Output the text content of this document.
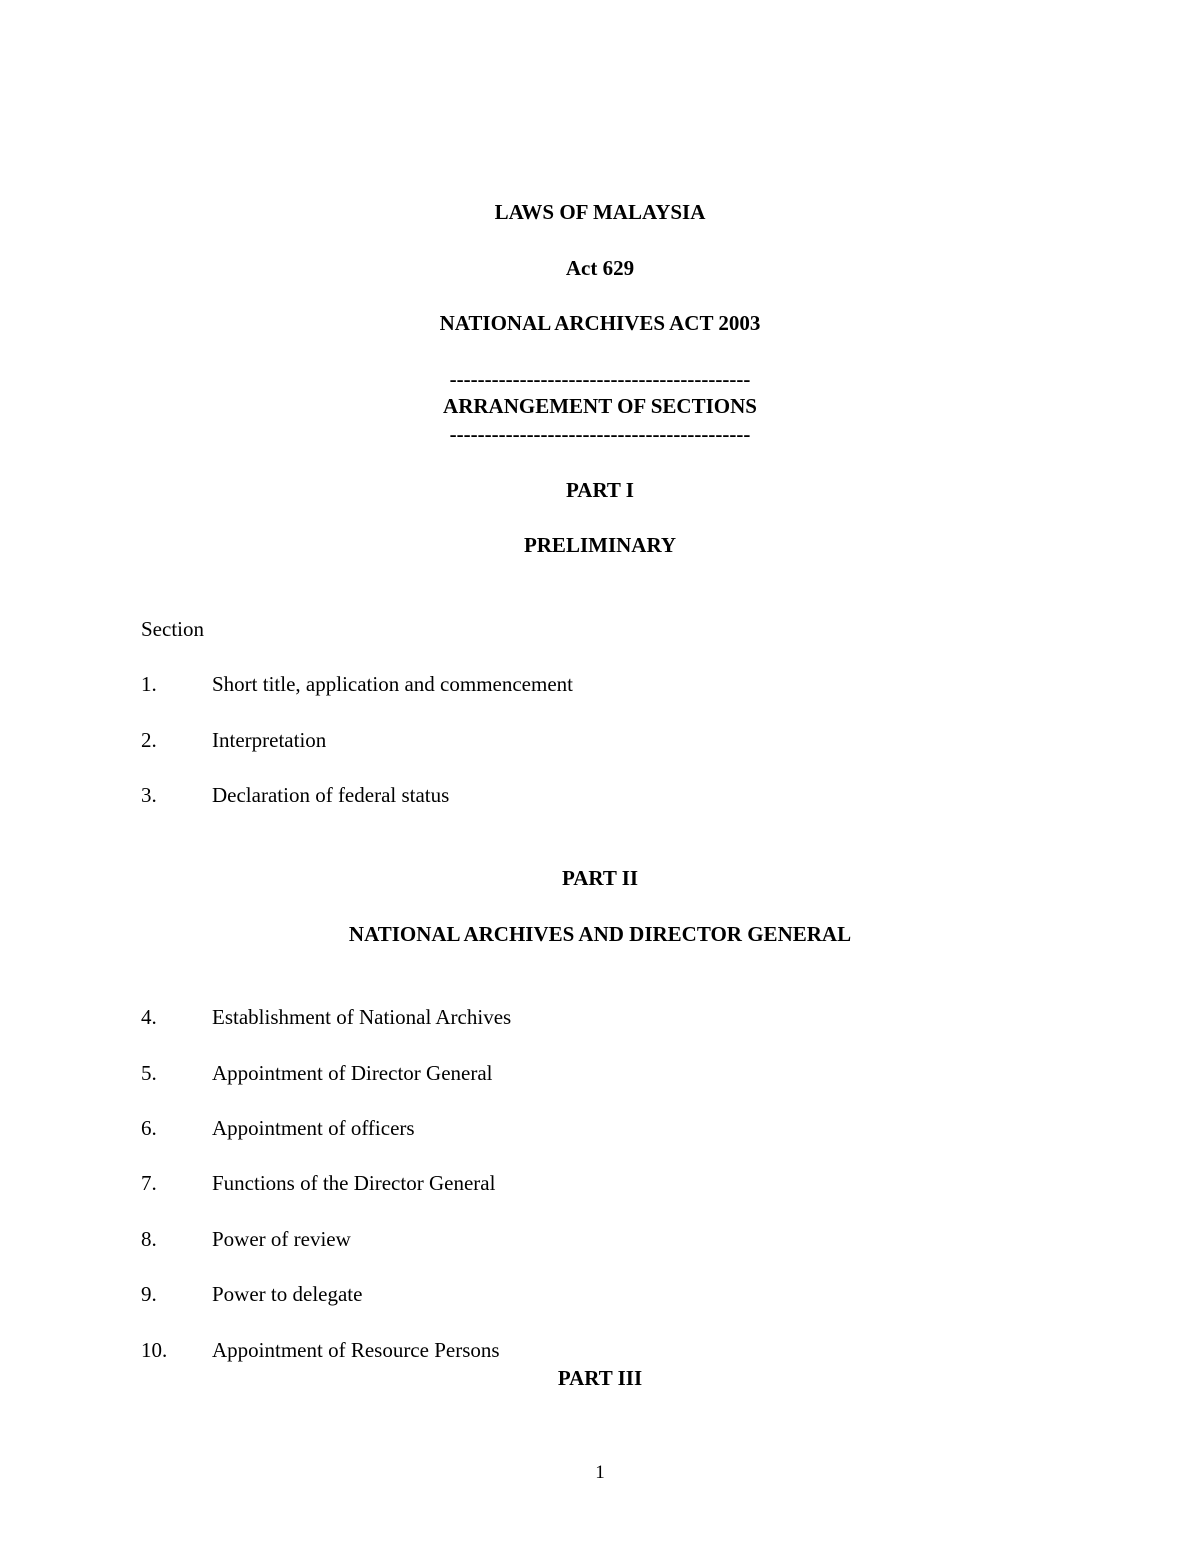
LAWS OF MALAYSIA
Act 629
NATIONAL ARCHIVES ACT 2003
-------------------------------------------
ARRANGEMENT OF SECTIONS
-------------------------------------------
PART I
PRELIMINARY
Section
1.	Short title, application and commencement
2.	Interpretation
3.	Declaration of federal status
PART II
NATIONAL ARCHIVES AND DIRECTOR GENERAL
4.	Establishment of National Archives
5.	Appointment of Director General
6.	Appointment of officers
7.	Functions of the Director General
8.	Power of review
9.	Power to delegate
10. Appointment of Resource Persons
PART III
1
